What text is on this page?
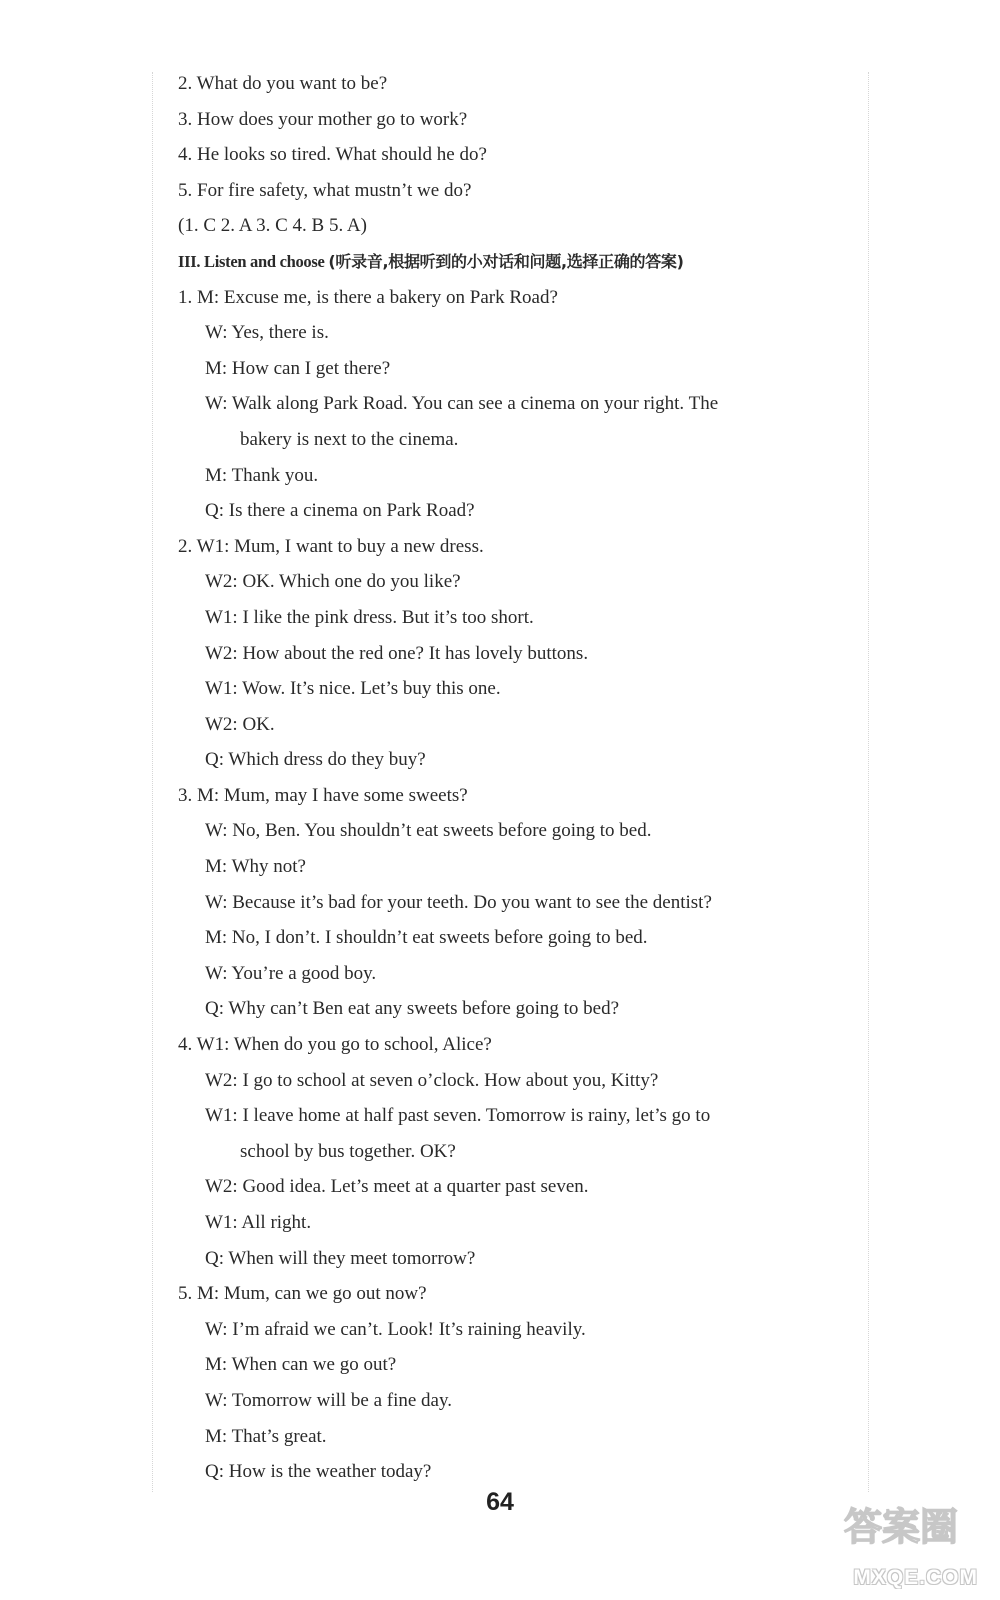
2. What do you want to be?
3. How does your mother go to work?
4. He looks so tired. What should he do?
5. For fire safety, what mustn’t we do?
(1. C 2. A 3. C 4. B 5. A)
III. Listen and choose (听录音,根据听到的小对话和问题,选择正确的答案)
1. M: Excuse me, is there a bakery on Park Road?
W: Yes, there is.
M: How can I get there?
W: Walk along Park Road. You can see a cinema on your right. The
bakery is next to the cinema.
M: Thank you.
Q: Is there a cinema on Park Road?
2. W1: Mum, I want to buy a new dress.
W2: OK. Which one do you like?
W1: I like the pink dress. But it’s too short.
W2: How about the red one? It has lovely buttons.
W1: Wow. It’s nice. Let’s buy this one.
W2: OK.
Q: Which dress do they buy?
3. M: Mum, may I have some sweets?
W: No, Ben. You shouldn’t eat sweets before going to bed.
M: Why not?
W: Because it’s bad for your teeth. Do you want to see the dentist?
M: No, I don’t. I shouldn’t eat sweets before going to bed.
W: You’re a good boy.
Q: Why can’t Ben eat any sweets before going to bed?
4. W1: When do you go to school, Alice?
W2: I go to school at seven o’clock. How about you, Kitty?
W1: I leave home at half past seven. Tomorrow is rainy, let’s go to
school by bus together. OK?
W2: Good idea. Let’s meet at a quarter past seven.
W1: All right.
Q: When will they meet tomorrow?
5. M: Mum, can we go out now?
W: I’m afraid we can’t. Look! It’s raining heavily.
M: When can we go out?
W: Tomorrow will be a fine day.
M: That’s great.
Q: How is the weather today?
64
答案圈
MXQE.COM
